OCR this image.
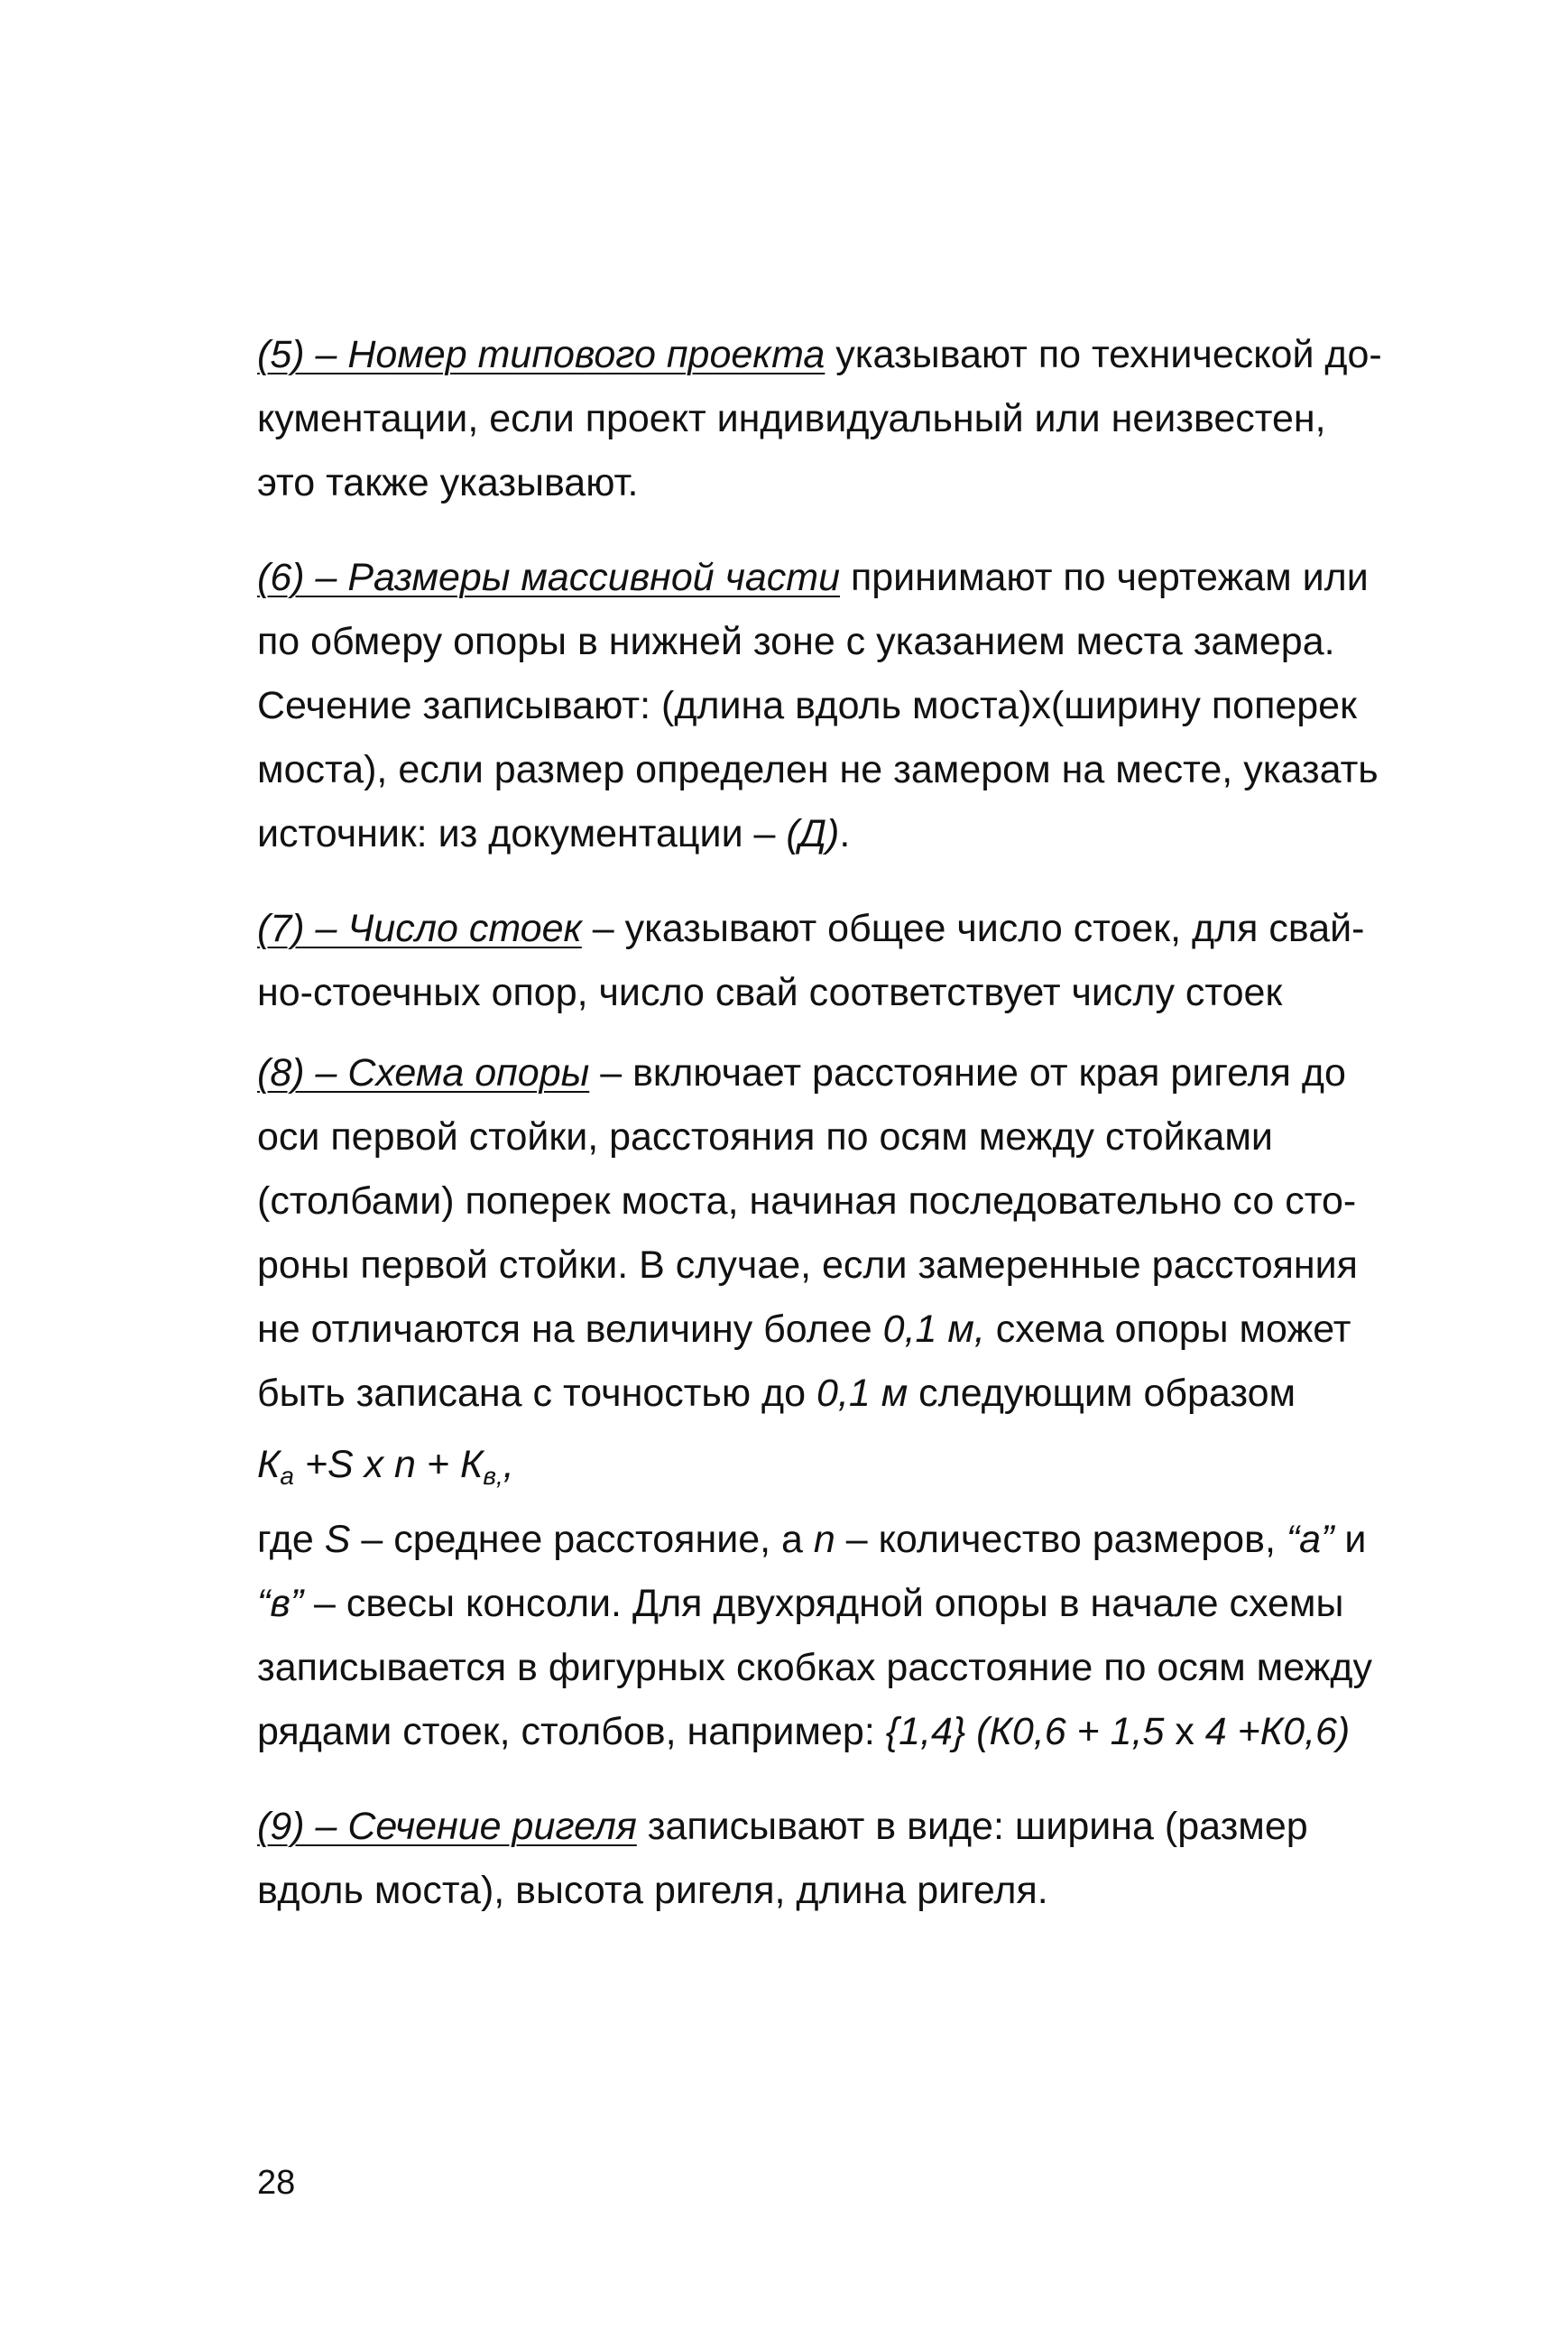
(5) – Номер типового проекта указывают по технической до-
кументации, если проект индивидуальный или неизвестен,
это также указывают.

(6) – Размеры массивной части принимают по чертежам или
по обмеру опоры в нижней зоне с указанием места замера.
Сечение записывают: (длина вдоль моста)х(ширину поперек
моста), если размер определен не замером на месте, указать
источник: из документации – (Д).

(7) – Число стоек – указывают общее число стоек, для свай-
но-стоечных опор, число свай соответствует числу стоек

(8) – Схема опоры – включает расстояние от края ригеля до
оси первой стойки, расстояния по осям между стойками
(столбами) поперек моста, начиная последовательно со сто-
роны первой стойки. В случае, если замеренные расстояния
не отличаются на величину более 0,1 м, схема опоры может
быть записана с точностью до 0,1 м следующим образом

$К_а +S$ x $n + К_{в,}$,

где S – среднее расстояние, а n – количество размеров, “а” и
“в” – свесы консоли. Для двухрядной опоры в начале схемы
записывается в фигурных скобках расстояние по осям между
рядами стоек, столбов, например: {1,4} (К0,6 + 1,5 x 4 +К0,6)

(9) – Сечение ригеля записывают в виде: ширина (размер
вдоль моста), высота ригеля, длина ригеля.

28
